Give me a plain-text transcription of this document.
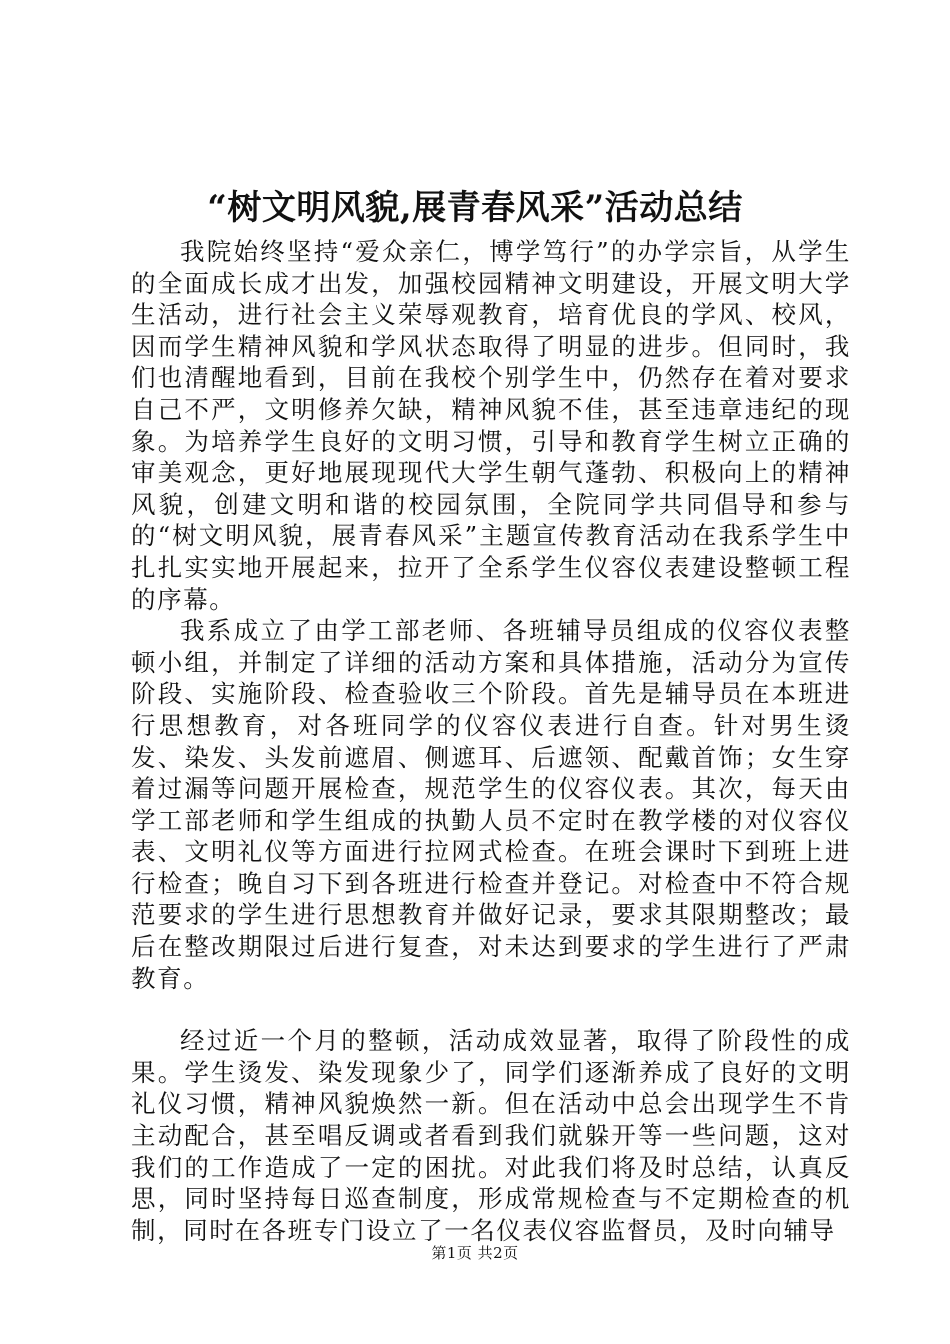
“树文明风貌,展青春风采”活动总结

我院始终坚持“爱众亲仁，博学笃行”的办学宗旨，从学生的全面成长成才出发，加强校园精神文明建设，开展文明大学生活动，进行社会主义荣辱观教育，培育优良的学风、校风，因而学生精神风貌和学风状态取得了明显的进步。但同时，我们也清醒地看到，目前在我校个别学生中，仍然存在着对要求自己不严，文明修养欠缺，精神风貌不佳，甚至违章违纪的现象。为培养学生良好的文明习惯，引导和教育学生树立正确的审美观念，更好地展现现代大学生朝气蓬勃、积极向上的精神风貌，创建文明和谐的校园氛围，全院同学共同倡导和参与的“树文明风貌，展青春风采”主题宣传教育活动在我系学生中扎扎实实地开展起来，拉开了全系学生仪容仪表建设整顿工程的序幕。

我系成立了由学工部老师、各班辅导员组成的仪容仪表整顿小组，并制定了详细的活动方案和具体措施，活动分为宣传阶段、实施阶段、检查验收三个阶段。首先是辅导员在本班进行思想教育，对各班同学的仪容仪表进行自查。针对男生烫发、染发、头发前遮眉、侧遮耳、后遮领、配戴首饰；女生穿着过漏等问题开展检查，规范学生的仪容仪表。其次，每天由学工部老师和学生组成的执勤人员不定时在教学楼的对仪容仪表、文明礼仪等方面进行拉网式检查。在班会课时下到班上进行检查；晚自习下到各班进行检查并登记。对检查中不符合规范要求的学生进行思想教育并做好记录，要求其限期整改；最后在整改期限过后进行复查，对未达到要求的学生进行了严肃教育。

经过近一个月的整顿，活动成效显著，取得了阶段性的成果。学生烫发、染发现象少了，同学们逐渐养成了良好的文明礼仪习惯，精神风貌焕然一新。但在活动中总会出现学生不肯主动配合，甚至唱反调或者看到我们就躲开等一些问题，这对我们的工作造成了一定的困扰。对此我们将及时总结，认真反思，同时坚持每日巡查制度，形成常规检查与不定期检查的机制，同时在各班专门设立了一名仪表仪容监督员，及时向辅导

第1页 共2页
